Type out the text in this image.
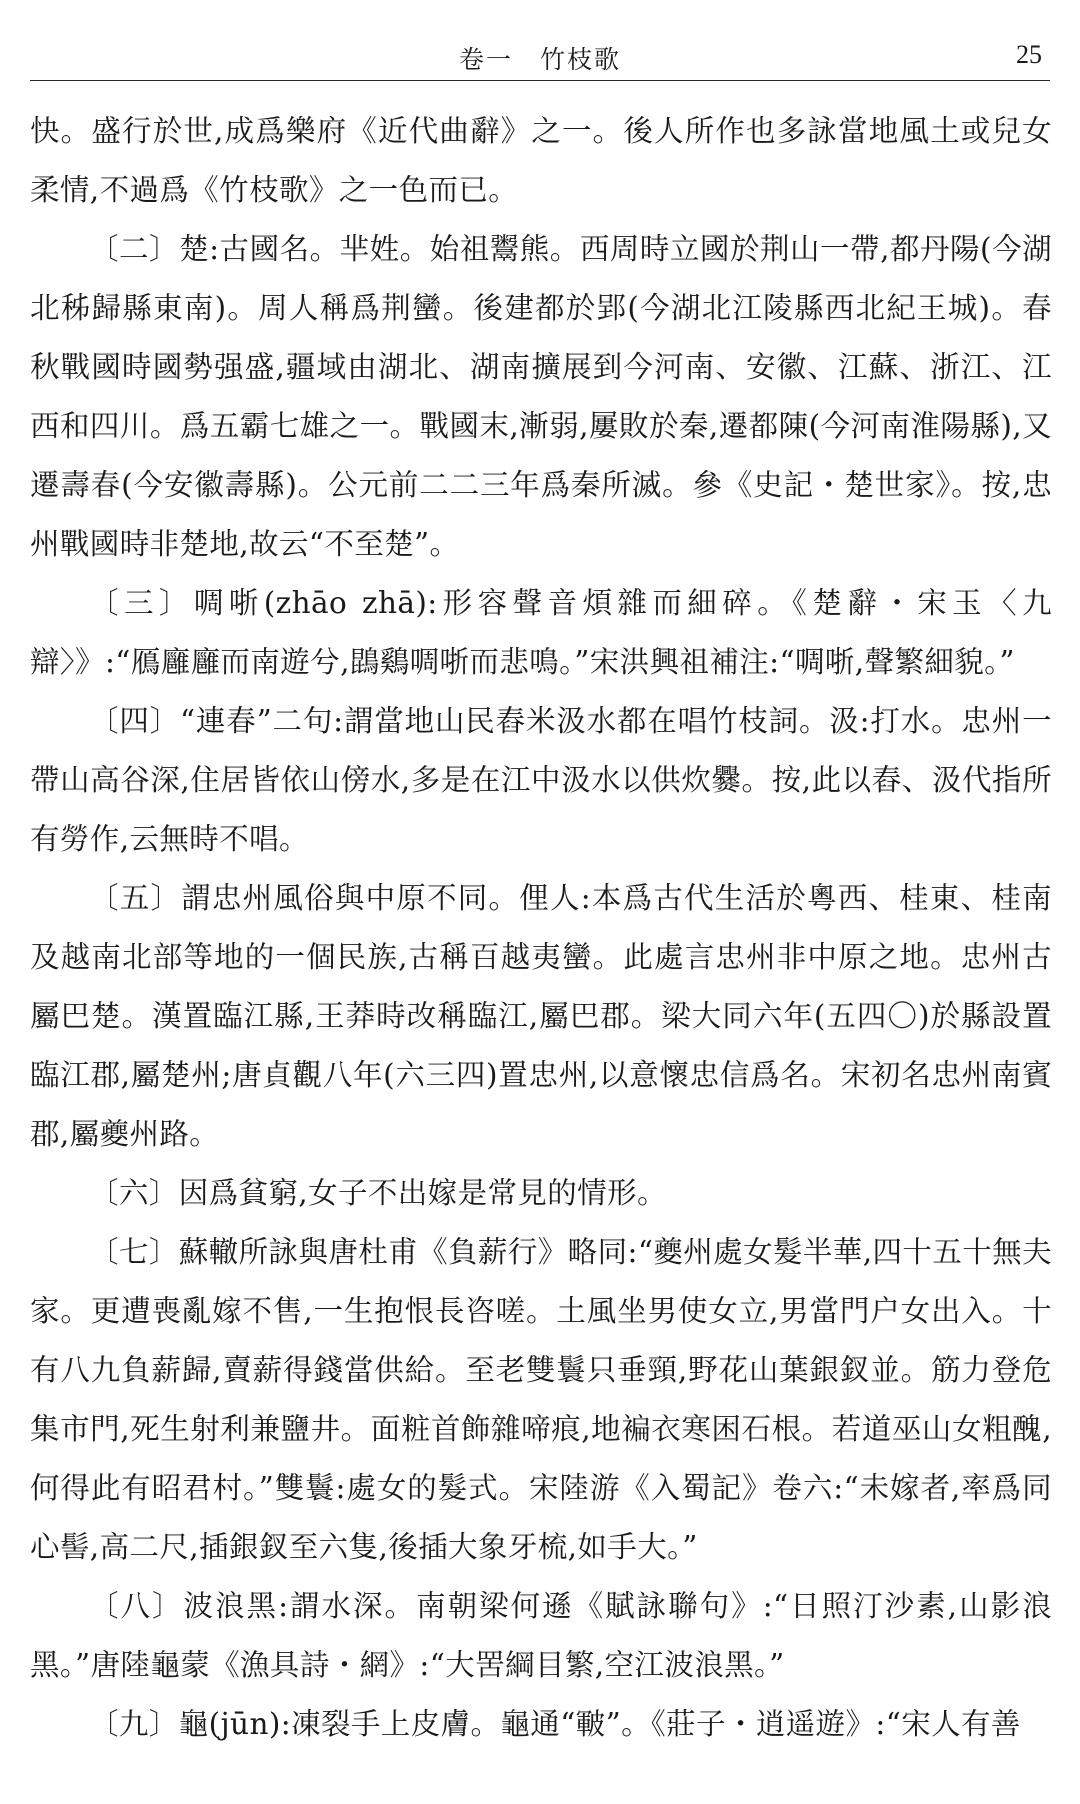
卷一　竹枝歌	25

快。盛行於世,成爲樂府《近代曲辭》之一。後人所作也多詠當地風土或兒女柔情,不過爲《竹枝歌》之一色而已。

〔二〕楚:古國名。芈姓。始祖鬻熊。西周時立國於荆山一帶,都丹陽(今湖北秭歸縣東南)。周人稱爲荆蠻。後建都於郢(今湖北江陵縣西北紀王城)。春秋戰國時國勢强盛,疆域由湖北、湖南擴展到今河南、安徽、江蘇、浙江、江西和四川。爲五霸七雄之一。戰國末,漸弱,屢敗於秦,遷都陳(今河南淮陽縣),又遷壽春(今安徽壽縣)。公元前二二三年爲秦所滅。參《史記・楚世家》。按,忠州戰國時非楚地,故云“不至楚”。

〔三〕啁哳(zhāo zhā):形容聲音煩雜而細碎。《楚辭・宋玉〈九辯〉》:“鴈廱廱而南遊兮,鵾鷄啁哳而悲鳴。”宋洪興祖補注:“啁哳,聲繁細貌。”

〔四〕“連春”二句:謂當地山民舂米汲水都在唱竹枝詞。汲:打水。忠州一帶山高谷深,住居皆依山傍水,多是在江中汲水以供炊爨。按,此以舂、汲代指所有勞作,云無時不唱。

〔五〕謂忠州風俗與中原不同。俚人:本爲古代生活於粵西、桂東、桂南及越南北部等地的一個民族,古稱百越夷蠻。此處言忠州非中原之地。忠州古屬巴楚。漢置臨江縣,王莽時改稱臨江,屬巴郡。梁大同六年(五四〇)於縣設置臨江郡,屬楚州;唐貞觀八年(六三四)置忠州,以意懷忠信爲名。宋初名忠州南賓郡,屬夔州路。

〔六〕因爲貧窮,女子不出嫁是常見的情形。

〔七〕蘇轍所詠與唐杜甫《負薪行》略同:“夔州處女髮半華,四十五十無夫家。更遭喪亂嫁不售,一生抱恨長咨嗟。土風坐男使女立,男當門户女出入。十有八九負薪歸,賣薪得錢當供給。至老雙鬟只垂頸,野花山葉銀釵並。筋力登危集市門,死生射利兼鹽井。面粧首飾雜啼痕,地褊衣寒困石根。若道巫山女粗醜,何得此有昭君村。”雙鬟:處女的髮式。宋陸游《入蜀記》卷六:“未嫁者,率爲同心髻,高二尺,插銀釵至六隻,後插大象牙梳,如手大。”

〔八〕波浪黑:謂水深。南朝梁何遜《賦詠聯句》:“日照汀沙素,山影浪黑。”唐陸龜蒙《漁具詩・網》:“大罟綱目繁,空江波浪黑。”

〔九〕龜(jūn):凍裂手上皮膚。龜通“皸”。《莊子・逍遥遊》:“宋人有善
